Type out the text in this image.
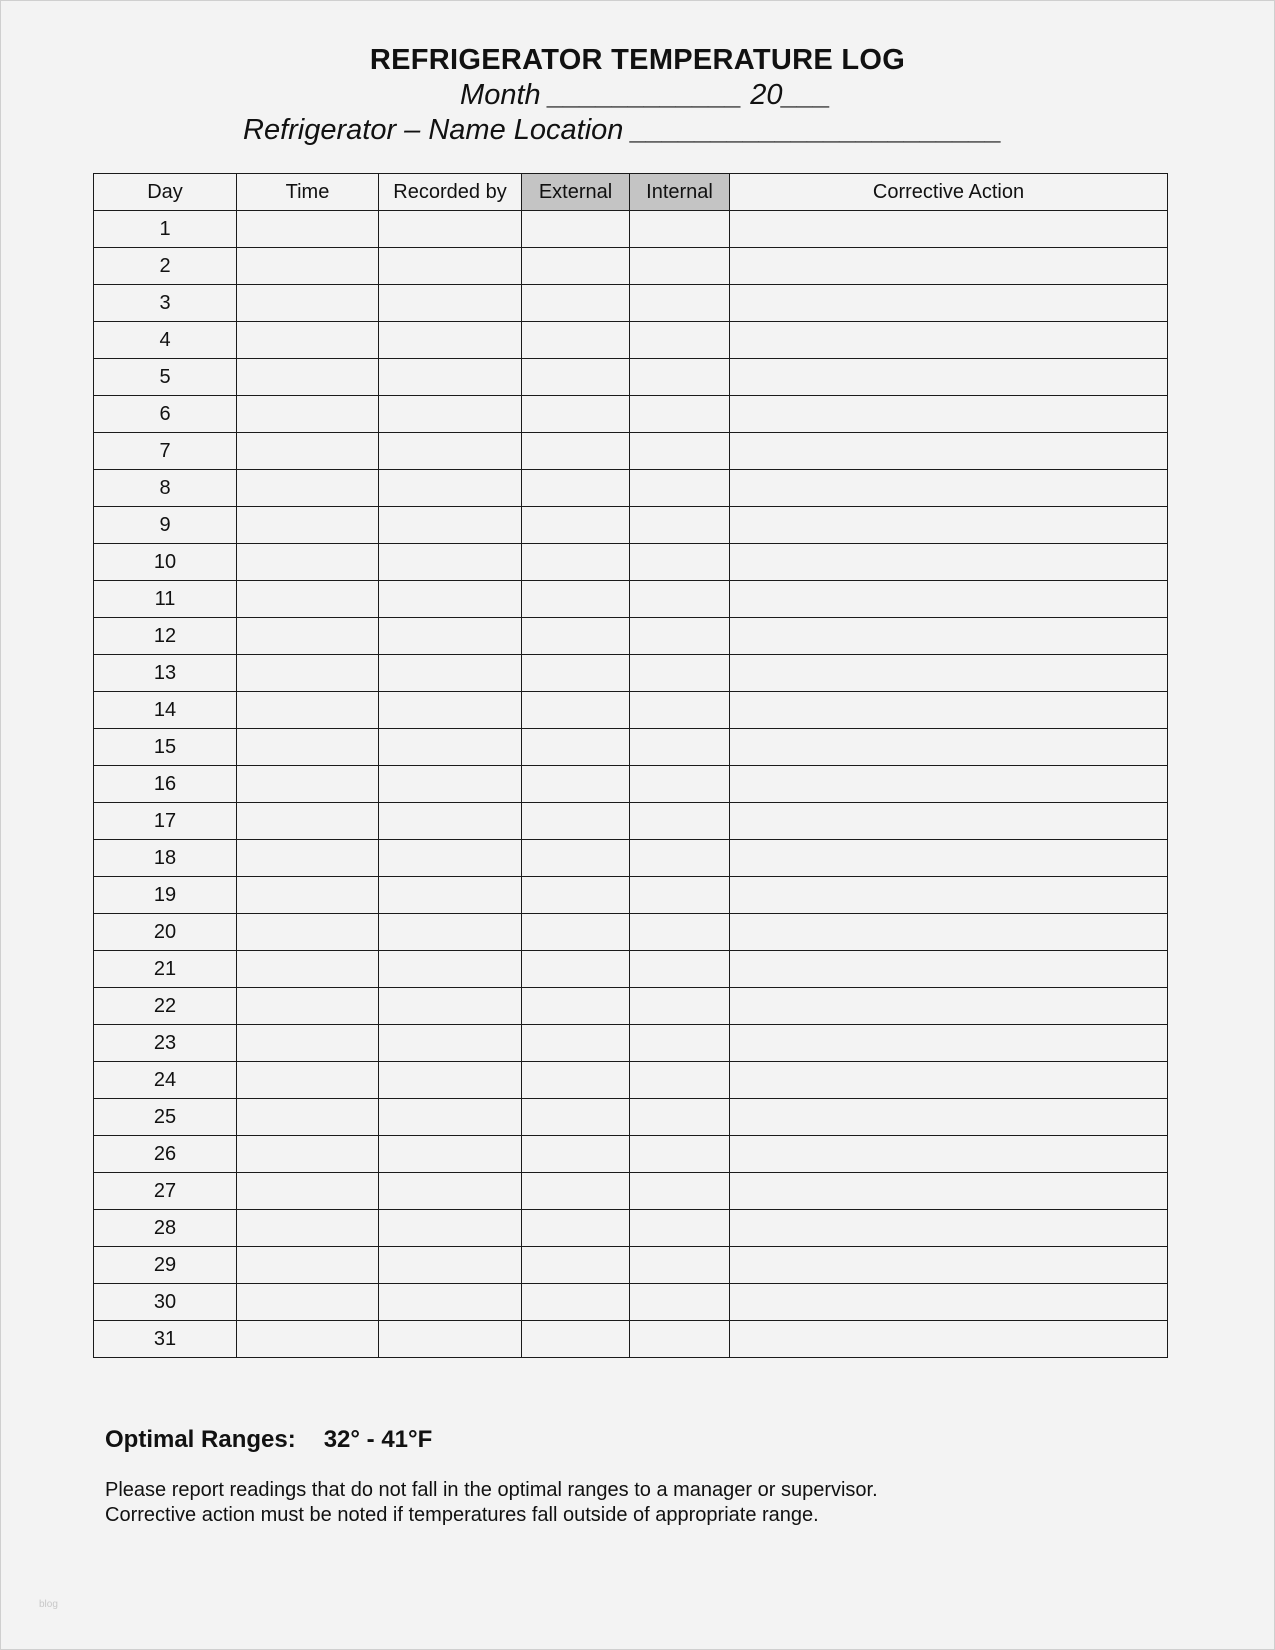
REFRIGERATOR TEMPERATURE LOG
Month ____________ 20___
Refrigerator – Name Location _______________________
Day	Time	Recorded by	External	Internal	Corrective Action
1					
2					
3					
4					
5					
6					
7					
8					
9					
10					
11					
12					
13					
14					
15					
16					
17					
18					
19					
20					
21					
22					
23					
24					
25					
26					
27					
28					
29					
30					
31					
Optimal Ranges: 32° - 41°F
Please report readings that do not fall in the optimal ranges to a manager or supervisor.
Corrective action must be noted if temperatures fall outside of appropriate range.
blog
